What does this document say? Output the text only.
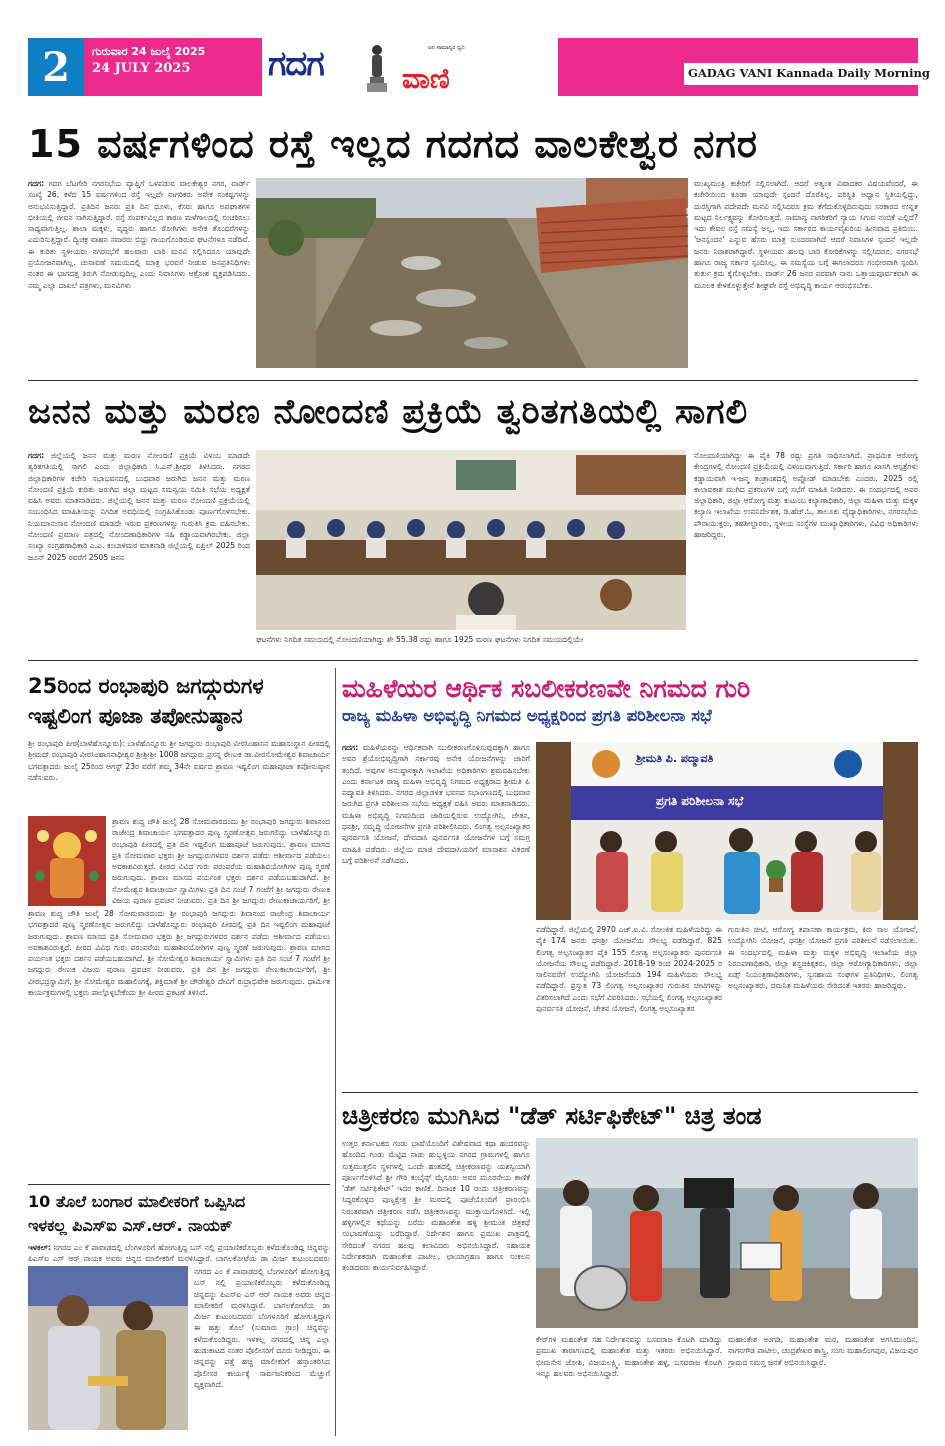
2	ಗುರುವಾರ 24 ಜುಲೈ 2025
24 JULY 2025	ಗದಗ	ಜನ ಸಾಮಾನ್ಯರ ಧ್ವನಿ
ವಾಣಿ	GADAG VANI Kannada Daily Morning
15 ವರ್ಷಗಳಿಂದ ರಸ್ತೆ ಇಲ್ಲದ ಗದಗದ ವಾಲಕೇಶ್ವರ ನಗರ
ಗದಗ: ಗದಗ ಬೆಟಗೇರಿ ನಗರಸಭೆಯ ವ್ಯಾಪ್ತಿಗೆ ಒಳಪಡುವ ವಾಲಕೇಶ್ವರ ನಗರ, ವಾರ್ಡ್ ಸಂಖ್ಯೆ 26, ಕಳೆದ 15 ವರ್ಷಗಳಿಂದ ರಸ್ತೆ ಇಲ್ಲದೇ ನಾಗರಿಕರು ಅನೇಕ ಸಂಕಷ್ಟಗಳನ್ನು ಅನುಭವಿಸುತ್ತಿದ್ದಾರೆ. ಪ್ರತಿದಿನ ಜನರು ಪ್ರತಿ ದಿನ ಧೂಳು, ಕೆಸರು ಹಾಗೂ ಅಪಘಾತಗಳ ಭೀತಿಯಲ್ಲಿ ಜೀವನ ಸಾಗಿಸುತ್ತಿದ್ದಾರೆ. ರಸ್ತೆ ಸಂಪರ್ಕವಿಲ್ಲದ ಕಾರಣ ಮಳೆಗಾಲದಲ್ಲಿ ಸಂಚರಿಸಲು ಸಾಧ್ಯವಾಗುತ್ತಿಲ್ಲ. ಶಾಲಾ ಮಕ್ಕಳು, ವೃದ್ಧರು ಹಾಗೂ ರೋಗಿಗಳು ಅನೇಕ ತೊಂದರೆಗಳನ್ನು ಎದುರಿಸುತ್ತಿದ್ದಾರೆ. ದ್ವಿಚಕ್ರ ವಾಹನ ಸವಾರರು ಬಿದ್ದು ಗಾಯಗೊಂಡಿರುವ ಘಟನೆಗಳೂ ನಡೆದಿವೆ. ಈ ಕುರಿತು ಸ್ಥಳೀಯರು ನಗರಸಭೆಗೆ ಹಲವಾರು ಬಾರಿ ಮನವಿ ಸಲ್ಲಿಸಿದರೂ ಯಾವುದೇ ಪ್ರಯೋಜನವಾಗಿಲ್ಲ. ಚುನಾವಣೆ ಸಮಯದಲ್ಲಿ ಮಾತ್ರ ಭರವಸೆ ನೀಡುವ ಜನಪ್ರತಿನಿಧಿಗಳು ನಂತರ ಈ ಭಾಗದತ್ತ ತಿರುಗಿ ನೋಡುವುದಿಲ್ಲ ಎಂದು ನಿವಾಸಿಗಳು ಆಕ್ರೋಶ ವ್ಯಕ್ತಪಡಿಸಿದರು. ನಮ್ಮ ಎಲ್ಲಾ ದಾಖಲೆ ಪತ್ರಗಳು, ಮನವಿಗಳು
ಮುಖ್ಯಮಂತ್ರಿ ಕಚೇರಿಗೆ ಸಲ್ಲಿಸಲಾಗಿದೆ. ಆದರೆ ಅತ್ಯಂತ ವಿಷಾದಕರ ವಿಷಯವೆಂದರೆ, ಈ ಕಚೇರಿಯಿಂದ ಕೂಡಾ ಯಾವುದೇ ಸ್ಪಂದನೆ ದೊರೆತಿಲ್ಲ. ಪರಿಸ್ಥಿತಿ ಅಧ್ವಾನ ಸ್ಥಿತಿಯಲ್ಲಿದ್ದು, ದುರಸ್ತಿಗಾಗಿ ಪದೇಪದೇ ಮನವಿ ಸಲ್ಲಿಸಿದರೂ ಕ್ರಮ ತೆಗೆದುಕೊಳ್ಳದಿರುವುದು ಸರಕಾರದ ಉನ್ನತ ಮಟ್ಟದ ನಿರ್ಲಕ್ಷ್ಯವನ್ನು ತೋರಿಸುತ್ತದೆ. ಸಾಮಾನ್ಯ ನಾಗರಿಕರಿಗೆ ನ್ಯಾಯ ಸಿಗುವ ನಂಬಿಕೆ ಎಲ್ಲಿದೆ? ಇದು ಕೇವಲ ರಸ್ತೆ ಸಮಸ್ಯೆ ಅಲ್ಲ, ಇದು ಸರ್ಕಾರದ ಕಾರ್ಯವೈಖರಿಯ ಹೀನವಾದ ಪ್ರತಿಬಿಂಬ. 'ಜನಸ್ಪಂದನ' ಎನ್ನುವ ಹೆಸರು ಮಾತ್ರ ಸುಂದರವಾಗಿದೆ ಆದರೆ ನಿವಾಸಿಗಳ ಸ್ಪಂದನೆ ಇಲ್ಲದೇ ಜನರು ನಿರಾಶರಾಗಿದ್ದಾರೆ. ಸ್ಥಳೀಯರು ಹಲವು ಬಾರಿ ಕೋರಿಕೆಗಳನ್ನು ಸಲ್ಲಿಸಿದರೂ, ನಗರಸಭೆ ಹಾಗೂ ರಾಜ್ಯ ಸರ್ಕಾರ ಸ್ಪಂದಿಸಿಲ್ಲ. ಈ ಸಮಸ್ಯೆಯ ಬಗ್ಗೆ ಈಗಲಾದರೂ ಗಂಭೀರವಾಗಿ ಸ್ಪಂದಿಸಿ ತುರ್ತು ಕ್ರಮ ಕೈಗೊಳ್ಳಬೇಕು. ವಾರ್ಡ್ 26 ಜನರ ಪರವಾಗಿ ನಾನು ಒತ್ತಾಯಪೂರ್ವಕವಾಗಿ ಈ ಮೂಲಕ ಕೇಳಿಕೊಳ್ಳುತ್ತೇನೆ ಶೀಘ್ರವೇ ರಸ್ತೆ ಅಭಿವೃದ್ಧಿ ಕಾರ್ಯ ಆರಂಭಿಸಬೇಕು.
ಜನನ ಮತ್ತು ಮರಣ ನೋಂದಣಿ ಪ್ರಕ್ರಿಯೆ ತ್ವರಿತಗತಿಯಲ್ಲಿ ಸಾಗಲಿ
ಗದಗ: ಜಿಲ್ಲೆಯಲ್ಲಿ ಜನನ ಮತ್ತು ಮರಣ ನೋಂದಣಿ ಪ್ರಕ್ರಿಯೆ ವಿಳಂಬ ಮಾಡದೇ ತ್ವರಿತಗತಿಯಲ್ಲಿ ಸಾಗಲಿ ಎಂದು ಜಿಲ್ಲಾಧಿಕಾರಿ ಸಿ.ಎನ್.ಶ್ರೀಧರ ತಿಳಿಸಿದರು. ನಗರದ ಜಿಲ್ಲಾಧಿಕಾರಿಗಳ ಕಚೇರಿ ಸಭಾಭವನದಲ್ಲಿ ಬುಧವಾರ ಜರುಗಿದ ಜನನ ಮತ್ತು ಮರಣ ನೋಂದಣಿ ಪ್ರಕ್ರಿಯೆ ಕುರಿತು ಜರುಗಿದ ಜಿಲ್ಲಾ ಮಟ್ಟದ ಸಮನ್ವಯ ಸಮಿತಿ ಸಭೆಯ ಅಧ್ಯಕ್ಷತೆ ವಹಿಸಿ ಅವರು ಮಾತನಾಡಿದರು. ಜಿಲ್ಲೆಯಲ್ಲಿ ಜನನ ಮತ್ತು ಮರಣ ನೋಂದಣಿ ಪ್ರಕ್ರಿಯೆಯಲ್ಲಿ ಸಂಬಂಧಿಸಿದ ಮಾಹಿತಿಯನ್ನು ನಿಗದಿತ ಅವಧಿಯಲ್ಲಿ ಸಂಗ್ರಹಿಸಿಕೊಂಡು ಪೂರ್ಣಗೊಳಿಸಬೇಕು. ನಿಯಮಾನುಸಾರ ನೋಂದಣಿ ಮಾಡದೇ ಇರುವ ಪ್ರಕರಣಗಳನ್ನು ಗುರುತಿಸಿ ಕ್ರಮ ವಹಿಸಬೇಕು. ನೋಂದಣಿ ಪ್ರಮಾಣ ಪತ್ರದಲ್ಲಿ ನೋಂದಣಾಧಿಕಾರಿಗಳ ಸಹಿ ಕಡ್ಡಾಯವಾಗಿರಬೇಕು. ಜಿಲ್ಲಾ ಸಂಖ್ಯಾ ಸಂಗ್ರಹಣಾಧಿಕಾರಿ ಎ.ಎ. ಕಂಬಾಳಿಮಠ ಮಾತನಾಡಿ ಜಿಲ್ಲೆಯಲ್ಲಿ ಏಪ್ರಿಲ್ 2025 ರಿಂದ ಜೂನ್ 2025 ರವರೆಗೆ 2505 ಜನನ
ಘಟನೆಗಳು ನಿಗದಿತ ಸಮಯದಲ್ಲಿ ನೋಂದಣಿಯಾಗಿದ್ದು ಶೇ 55.38 ರಷ್ಟು ಹಾಗೂ 1925 ಮರಣ ಘಟನೆಗಳು ನಿಗದಿತ ಸಮಯದಲ್ಲಿಯೇ
ನೋಂದಣಿಯಾಗಿದ್ದು ಈ ಪೈಕಿ 78 ರಷ್ಟು ಪ್ರಗತಿ ಸಾಧಿಸಲಾಗಿದೆ. ಪ್ರಾಥಮಿಕ ಆರೋಗ್ಯ ಕೇಂದ್ರಗಳಲ್ಲಿ ನೋಂದಣಿ ಪ್ರಕ್ರಿಯೆಯಲ್ಲಿ ವಿಳಂಬವಾಗುತ್ತಿದೆ. ಸರ್ಕಾರಿ ಹಾಗೂ ಖಾಸಗಿ ಆಸ್ಪತ್ರೆಗಳು ಕಡ್ಡಾಯವಾಗಿ ಇ-ಜನ್ಮ ತಂತ್ರಾಂಶದಲ್ಲಿ ಅಪ್ಲೋಡ್ ಮಾಡಬೇಕು ಎಂದರು. 2025 ರಲ್ಲಿ ಕಾಲಾವಕಾಶ ಮುಗಿದ ಪ್ರಕರಣಗಳ ಬಗ್ಗೆ ಸಭೆಗೆ ಮಾಹಿತಿ ನೀಡಿದರು. ಈ ಸಂದರ್ಭದಲ್ಲಿ ಅಪರ ಜಿಲ್ಲಾಧಿಕಾರಿ, ಜಿಲ್ಲಾ ಆರೋಗ್ಯ ಮತ್ತು ಕುಟುಂಬ ಕಲ್ಯಾಣಾಧಿಕಾರಿ, ಜಿಲ್ಲಾ ಮಹಿಳಾ ಮತ್ತು ಮಕ್ಕಳ ಕಲ್ಯಾಣ ಇಲಾಖೆಯ ಉಪನಿರ್ದೇಶಕ, ಡಿ.ಹೆಚ್.ಓ, ತಾಲೂಕು ವೈದ್ಯಾಧಿಕಾರಿಗಳು, ನಗರಸಭೆಯ ಪೌರಾಯುಕ್ತರು, ತಹಶೀಲ್ದಾರರು, ಸ್ಥಳೀಯ ಸಂಸ್ಥೆಗಳ ಮುಖ್ಯಾಧಿಕಾರಿಗಳು, ವಿವಿಧ ಅಧಿಕಾರಿಗಳು ಹಾಜರಿದ್ದರು.
25ರಿಂದ ರಂಭಾಪುರಿ ಜಗದ್ಗುರುಗಳ
ಇಷ್ಟಲಿಂಗ ಪೂಜಾ ತಪೋನುಷ್ಠಾನ
ಶ್ರೀ ರಂಭಾಪುರಿ ಪೀಠ(ಬಾಳೆಹೊನ್ನೂರು): ಬಾಳೆಹೊನ್ನೂರು ಶ್ರೀ ಜಗದ್ಗುರು ರಂಭಾಪುರಿ ವೀರಸಿಂಹಾಸನ ಮಹಾಸಂಸ್ಥಾನ ಪೀಠದಲ್ಲಿ ಶ್ರೀಮದ್ ರಂಭಾಪುರಿ ವೀರಸಿಂಹಾಸನಾಧೀಶ್ವರ ಶ್ರೀಶ್ರೀಶ್ರೀ 1008 ಜಗದ್ಗುರು ಪ್ರಸನ್ನ ರೇಣುಕ ಡಾ.ವೀರಸೋಮೇಶ್ವರ ಶಿವಾಚಾರ್ಯ ಭಗವತ್ಪಾದರು ಜುಲೈ 25ರಿಂದ ಆಗಸ್ಟ್ 23ರ ವರೆಗೆ ತಮ್ಮ 34ನೇ ವರ್ಷದ ಶ್ರಾವಣ ಇಷ್ಟಲಿಂಗ ಮಹಾಪೂಜಾ ತಪೋನುಷ್ಠಾನ ನಡೆಸುವರು.
ಶ್ರಾವಣ ಶುದ್ಧ ಚೌತಿ ಜುಲೈ 28 ಸೋಮವಾರದಂದು ಶ್ರೀ ರಂಭಾಪುರಿ ಜಗದ್ಗುರು ಶಿವಾನಂದ ರಾಜೇಂದ್ರ ಶಿವಾಚಾರ್ಯ ಭಗವತ್ಪಾದರ ಪುಣ್ಯ ಸ್ಮರಣೋತ್ಸವ ಜರುಗಲಿದ್ದು ಬಾಳೆಹೊನ್ನೂರು ರಂಭಾಪುರಿ ಪೀಠದಲ್ಲಿ ಪ್ರತಿ ದಿನ ಇಷ್ಟಲಿಂಗ ಮಹಾಪೂಜೆ ಜರುಗುವುದು. ಶ್ರಾವಣ ಮಾಸದ ಪ್ರತಿ ಸೋಮವಾರ ಭಕ್ತರು ಶ್ರೀ ಜಗದ್ಗುರುಗಳವರ ದರ್ಶನ ಪಡೆದು ಆಶೀರ್ವಾದ ಪಡೆಯಲು ಅವಕಾಶವಿರುತ್ತದೆ. ಪೀಠದ ವಿವಿಧ ಗುರು ಪರಂಪರೆಯ ಮಹಾಶಿವಯೋಗಿಗಳ ಪುಣ್ಯ ಸ್ಮರಣೆ ಜರುಗುವುದು. ಶ್ರಾವಣ ಮಾಸದ ಪರ್ಯಂತ ಭಕ್ತರು ದರ್ಶನ ಪಡೆಯಬಹುದಾಗಿದೆ. ಶ್ರೀ ಸೋಮೇಶ್ವರ ಶಿವಾಚಾರ್ಯ ಸ್ವಾಮಿಗಳು ಪ್ರತಿ ದಿನ ಸಂಜೆ 7 ಗಂಟೆಗೆ ಶ್ರೀ ಜಗದ್ಗುರು ರೇಣುಕ ವಿಜಯ ಪುರಾಣ ಪ್ರವಚನ ನೀಡುವರು. ಪ್ರತಿ ದಿನ ಶ್ರೀ ಜಗದ್ಗುರು ರೇಣುಕಾಚಾರ್ಯರಿಗೆ, ಶ್ರೀ
ಶ್ರಾವಣ ಶುದ್ಧ ಚೌತಿ ಜುಲೈ 28 ಸೋಮವಾರದಂದು ಶ್ರೀ ರಂಭಾಪುರಿ ಜಗದ್ಗುರು ಶಿವಾನಂದ ರಾಜೇಂದ್ರ ಶಿವಾಚಾರ್ಯ ಭಗವತ್ಪಾದರ ಪುಣ್ಯ ಸ್ಮರಣೋತ್ಸವ ಜರುಗಲಿದ್ದು ಬಾಳೆಹೊನ್ನೂರು ರಂಭಾಪುರಿ ಪೀಠದಲ್ಲಿ ಪ್ರತಿ ದಿನ ಇಷ್ಟಲಿಂಗ ಮಹಾಪೂಜೆ ಜರುಗುವುದು. ಶ್ರಾವಣ ಮಾಸದ ಪ್ರತಿ ಸೋಮವಾರ ಭಕ್ತರು ಶ್ರೀ ಜಗದ್ಗುರುಗಳವರ ದರ್ಶನ ಪಡೆದು ಆಶೀರ್ವಾದ ಪಡೆಯಲು ಅವಕಾಶವಿರುತ್ತದೆ. ಪೀಠದ ವಿವಿಧ ಗುರು ಪರಂಪರೆಯ ಮಹಾಶಿವಯೋಗಿಗಳ ಪುಣ್ಯ ಸ್ಮರಣೆ ಜರುಗುವುದು. ಶ್ರಾವಣ ಮಾಸದ ಪರ್ಯಂತ ಭಕ್ತರು ದರ್ಶನ ಪಡೆಯಬಹುದಾಗಿದೆ. ಶ್ರೀ ಸೋಮೇಶ್ವರ ಶಿವಾಚಾರ್ಯ ಸ್ವಾಮಿಗಳು ಪ್ರತಿ ದಿನ ಸಂಜೆ 7 ಗಂಟೆಗೆ ಶ್ರೀ ಜಗದ್ಗುರು ರೇಣುಕ ವಿಜಯ ಪುರಾಣ ಪ್ರವಚನ ನೀಡುವರು. ಪ್ರತಿ ದಿನ ಶ್ರೀ ಜಗದ್ಗುರು ರೇಣುಕಾಚಾರ್ಯರಿಗೆ, ಶ್ರೀ ವೀರಭದ್ರಸ್ವಾಮಿಗೆ, ಶ್ರೀ ಸೋಮೇಶ್ವರ ಮಹಾಲಿಂಗಕ್ಕೆ, ಶಕ್ತಿಮಾತೆ ಶ್ರೀ ಚೌಡೇಶ್ವರಿ ದೇವಿಗೆ ರುದ್ರಾಭಿಷೇಕ ಜರುಗುವುದು. ಧಾರ್ಮಿಕ ಕಾರ್ಯಕ್ರಮಗಳಲ್ಲಿ ಭಕ್ತರು ಪಾಲ್ಗೊಳ್ಳಬೇಕೆಂದು ಶ್ರೀ ಪೀಠದ ಪ್ರಕಟಣೆ ತಿಳಿಸಿದೆ.
10 ತೊಲೆ ಬಂಗಾರ ಮಾಲೀಕರಿಗೆ ಒಪ್ಪಿಸಿದ
ಇಳಕಲ್ಲ ಪಿಎಸ್ಐ ಎಸ್.ಆರ್. ನಾಯಕ್
ಇಳಕಲ್: ನಗರದ ಎಂ ಕೆ ಪಾವಾಡದಲ್ಲಿ ಬೆಂಗಳೂರಿಗೆ ಹೋಗುತ್ತಿದ್ದ ಬಸ್ ನಲ್ಲಿ ಪ್ರಯಾಣಿಕರೊಬ್ಬರು ಕಳೆದುಕೊಂಡಿದ್ದ ಚಿನ್ನವನ್ನು ಪಿಎಸ್ಐ ಎಸ್ ಆರ್ ನಾಯಕ ಅವರು ಚಿನ್ನದ ಮಾಲೀಕರಿಗೆ ಮರಳಿಸಿದ್ದಾರೆ. ಬಾಗಲಕೋಟೆಯ ಡಾ ಮಿರ್ಜ ಕುಟುಂಬದವರು
ನಗರದ ಎಂ ಕೆ ಪಾವಾಡದಲ್ಲಿ ಬೆಂಗಳೂರಿಗೆ ಹೋಗುತ್ತಿದ್ದ ಬಸ್ ನಲ್ಲಿ ಪ್ರಯಾಣಿಕರೊಬ್ಬರು ಕಳೆದುಕೊಂಡಿದ್ದ ಚಿನ್ನವನ್ನು ಪಿಎಸ್ಐ ಎಸ್ ಆರ್ ನಾಯಕ ಅವರು ಚಿನ್ನದ ಮಾಲೀಕರಿಗೆ ಮರಳಿಸಿದ್ದಾರೆ. ಬಾಗಲಕೋಟೆಯ ಡಾ ಮಿರ್ಜ ಕುಟುಂಬದವರು ಬೆಂಗಳೂರಿಗೆ ಹೋಗುತ್ತಿದ್ದಾಗ ಈ ಹತ್ತು ತೊಲೆ (ಸುಮಾರು ಗ್ರಾಂ) ಚಿನ್ನವನ್ನು ಕಳೆದುಕೊಂಡಿದ್ದರು. ಇಳಕಲ್ಲ ನಗರದಲ್ಲಿ ಚಿನ್ನ ಎಲ್ಲಾ ಹುಡುಕಾಟದ ನಂತರ ಪೊಲೀಸರಿಗೆ ದೂರು ನೀಡಿದ್ದರು. ಈ ಚಿನ್ನವನ್ನು ಪತ್ತೆ ಹಚ್ಚಿ ಮಾಲೀಕರಿಗೆ ಹಸ್ತಾಂತರಿಸಿದ ಪೊಲೀಸರ ಕಾರ್ಯಕ್ಕೆ ಸಾರ್ವಜನಿಕರಿಂದ ಮೆಚ್ಚುಗೆ ವ್ಯಕ್ತವಾಗಿದೆ.
ಮಹಿಳೆಯರ ಆರ್ಥಿಕ ಸಬಲೀಕರಣವೇ ನಿಗಮದ ಗುರಿ
ರಾಜ್ಯ ಮಹಿಳಾ ಅಭಿವೃದ್ಧಿ ನಿಗಮದ ಅಧ್ಯಕ್ಷರಿಂದ ಪ್ರಗತಿ ಪರಿಶೀಲನಾ ಸಭೆ
ಗದಗ: ಮಹಿಳೆಯರನ್ನು ಆರ್ಥಿಕವಾಗಿ ಸಬಲೀಕರಣಗೊಳಿಸುವುದಕ್ಕಾಗಿ ಹಾಗೂ ಅವರ ಶ್ರೆಯೋಭಿವೃದ್ಧಿಗಾಗಿ ಸರ್ಕಾರವು ಅನೇಕ ಯೋಜನೆಗಳನ್ನು ಜಾರಿಗೆ ತಂದಿದೆ. ಅವುಗಳ ಅನುಷ್ಠಾನಕ್ಕಾಗಿ ಇಲಾಖೆಯ ಅಧಿಕಾರಿಗಳು ಶ್ರಮವಹಿಸಬೇಕು ಎಂದು ಕರ್ನಾಟಕ ರಾಜ್ಯ ಮಹಿಳಾ ಅಭಿವೃದ್ಧಿ ನಿಗಮದ ಅಧ್ಯಕ್ಷರಾದ ಶ್ರೀಮತಿ ಪಿ ಪದ್ಮಾವತಿ ತಿಳಿಸಿದರು. ನಗರದ ಜಿಲ್ಲಾಡಳಿತ ಭವನದ ಸಭಾಂಗಣದಲ್ಲಿ ಬುಧವಾರ ಜರುಗಿದ ಪ್ರಗತಿ ಪರಿಶೀಲನಾ ಸಭೆಯ ಅಧ್ಯಕ್ಷತೆ ವಹಿಸಿ ಅವರು ಮಾತನಾಡಿದರು. ಮಹಿಳಾ ಅಭಿವೃದ್ಧಿ ನಿಗಮದಿಂದ ಜಾರಿಯಲ್ಲಿರುವ ಉದ್ಯೋಗಿನಿ, ಚೇತನ, ಧನಶ್ರೀ, ಸಮೃದ್ಧಿ ಯೋಜನೆಗಳ ಪ್ರಗತಿ ಪರಿಶೀಲಿಸಿದರು. ಲಿಂಗತ್ವ ಅಲ್ಪಸಂಖ್ಯಾತರ ಪುನರ್ವಸತಿ ಯೋಜನೆ, ದೇವದಾಸಿ ಪುನರ್ವಸತಿ ಯೋಜನೆಗಳ ಬಗ್ಗೆ ಸಮಗ್ರ ಮಾಹಿತಿ ಪಡೆದರು. ಜಿಲ್ಲೆಯ ಮಾಜಿ ದೇವದಾಸಿಯರಿಗೆ ಮಾಸಾಶನ ವಿತರಣೆ ಬಗ್ಗೆ ಪರಿಶೀಲನೆ ನಡೆಸಿದರು.
ಶ್ರೀಮತಿ ಪಿ. ಪದ್ಮಾವತಿ
ಪ್ರಗತಿ ಪರಿಶೀಲನಾ ಸಭೆ
ಪಡೆದಿದ್ದಾರೆ. ಜಿಲ್ಲೆಯಲ್ಲಿ 2970 ಎಚ್.ಐ.ವಿ. ಸೋಂಕಿತ ಮಹಿಳೆಯರಿದ್ದು ಈ ಪೈಕಿ 174 ಜನರು ಧನಶ್ರೀ ಯೋಜನೆಯ ಸೌಲಭ್ಯ ಪಡೆದಿದ್ದಾರೆ. 825 ಲಿಂಗತ್ವ ಅಲ್ಪಸಂಖ್ಯಾತರ ಪೈಕಿ 155 ಲಿಂಗತ್ವ ಅಲ್ಪಸಂಖ್ಯಾತರು ಪುನರ್ವಸತಿ ಯೋಜನೆಯ ಸೌಲಭ್ಯ ಪಡೆದಿದ್ದಾರೆ. 2018-19 ರಿಂದ 2024-2025 ರ ಸಾಲಿನವರೆಗೆ ಉದ್ಯೋಗಿನಿ ಯೋಜನೆಯಡಿ 194 ಮಹಿಳೆಯರು ಸೌಲಭ್ಯ ಪಡೆದಿದ್ದಾರೆ. ಪ್ರಸ್ತುತ 73 ಲಿಂಗತ್ವ ಅಲ್ಪಸಂಖ್ಯಾತರ ಗುರುತಿನ ಚೀಟಿಗಳನ್ನು ವಿತರಿಸಲಾಗಿದೆ ಎಂದು ಸಭೆಗೆ ವಿವರಿಸಿದರು. ಸಭೆಯಲ್ಲಿ ಲಿಂಗತ್ವ ಅಲ್ಪಸಂಖ್ಯಾತರ ಪುನರ್ವಸತಿ ಯೋಜನೆ, ಚೇತನ ಯೋಜನೆ, ಲಿಂಗತ್ವ ಅಲ್ಪಸಂಖ್ಯಾತರ
ಗುರುತಿನ ಚೀಟಿ, ಆರೋಗ್ಯ ತಪಾಸಣಾ ಕಾರ್ಯಕ್ರಮ, ಕಿರು ಸಾಲ ಯೋಜನೆ, ಉದ್ಯೋಗಿನಿ ಯೋಜನೆ, ಧನಶ್ರೀ ಯೋಜನೆ ಪ್ರಗತಿ ಪರಿಶೀಲನೆ ನಡೆಸಲಾಯಿತು. ಈ ಸಂದರ್ಭದಲ್ಲಿ ಮಹಿಳಾ ಮತ್ತು ಮಕ್ಕಳ ಅಭಿವೃದ್ಧಿ ಇಲಾಖೆಯ ಜಿಲ್ಲಾ ನಿರೂಪಣಾಧಿಕಾರಿ, ಜಿಲ್ಲಾ ಶಸ್ತ್ರಚಿಕಿತ್ಸಕರು, ಜಿಲ್ಲಾ ಆರೋಗ್ಯಾಧಿಕಾರಿಗಳು, ಜಿಲ್ಲಾ ಏಡ್ಸ್ ನಿಯಂತ್ರಣಾಧಿಕಾರಿಗಳು, ಸ್ವಸಹಾಯ ಸಂಘಗಳ ಪ್ರತಿನಿಧಿಗಳು, ಲಿಂಗತ್ವ ಅಲ್ಪಸಂಖ್ಯಾತರು, ದಮನಿತ ಮಹಿಳೆಯರು ಸೇರಿದಂತೆ ಇತರರು ಹಾಜರಿದ್ದರು.
ಚಿತ್ರೀಕರಣ ಮುಗಿಸಿದ "ಡೆತ್ ಸರ್ಟಿಫಿಕೇಟ್" ಚಿತ್ರ ತಂಡ
ಉತ್ತರ ಕರ್ನಾಟಕದ ಗಂಡು ಭಾಷೆಯೊಂದಿಗೆ ವಿಶೇಷವಾದ ಕಥಾ ಹಂದರವನ್ನು ಹೊಂದಿದ ಗಂಡು ಮೆಟ್ಟಿದ ನಾಡು ಹುಬ್ಬಳ್ಳಿಯ ನಗರದ ಗ್ರಾಮಗಳಲ್ಲಿ ಹಾಗೂ ಸುತ್ತಮುತ್ತಲಿನ ಸ್ಥಳಗಳಲ್ಲಿ ಒಂದೇ ಹಂತದಲ್ಲಿ ಚಿತ್ರೀಕರಣವನ್ನು ಯಶಸ್ವಿಯಾಗಿ ಪೂರ್ಣಗೊಳಿಸಿದೆ ಶ್ರೀ ಗೌರಿ ಕಂಬೈನ್ಸ್ ಮೈಸೂರು ಅವರ ಮೂರನೇಯ ಕಾಣಿಕೆ 'ಡೆತ್ ಸರ್ಟಿಫಿಕೇಟ್' ಇದರ ಕಾಣಿಕೆ. ದಿನಾಂಕ 10 ರಂದು ಚಿತ್ರೀಕರಣವನ್ನು ಸಿದ್ದರಕೊಳ್ಳದ ಪುಣ್ಯಕ್ಷೇತ್ರ ಶ್ರೀ ಮಠದಲ್ಲಿ ಪೂಜೆಯೊಂದಿಗೆ ಪ್ರಾರಂಭಿಸಿ ನಿರಂತರವಾಗಿ ಚಿತ್ರೀಕರಣ ನಡೆಸಿ ಚಿತ್ರೀಕರಣವನ್ನು ಮುಕ್ತಾಯಗೊಳಿಸಿದೆ. ಇಲ್ಲಿ ಹಳ್ಳಿಗಳಲ್ಲಿನ ಕಥೆಯನ್ನು ಬರೆದು ಮಹಾಂತೇಶ ಹಳ್ಳಿ ಶ್ರೀಮಂತ ಚಿತ್ರಕಥೆ ಸಂಭಾಷಣೆಯನ್ನು ಬರೆದಿದ್ದಾರೆ. ನಿರ್ದೇಶನ ಹಾಗೂ ಪ್ರಮುಖ ಪಾತ್ರದಲ್ಲಿ ಸೇರಿದಂತೆ ನಗರದ ಹಲವು ಕಲಾವಿದರು ಅಭಿನಯಿಸಿದ್ದಾರೆ. ಸಹಾಯಕ ನಿರ್ದೇಶಕರಾಗಿ ಮಹಾಂತೇಶ ಪಾಟೀಲ, ಛಾಯಾಗ್ರಹಣ ಹಾಗೂ ಸಂಕಲನ ತಂಡದವರು ಕಾರ್ಯನಿರ್ವಹಿಸಿದ್ದಾರೆ.
ಕೇರ್‌ಗಳಿ ಮಹಂತೇಶ ಸಹ ನಿರ್ದೇಶನವನ್ನು ಬಸವರಾಜ ಕೊಟಗಿ ಮಾಡಿದ್ದು ಪ್ರಮುಖ ತಾರಾಗಣದಲ್ಲಿ ಮಹಾಂತೇಶ ಮತ್ತು ಇತರರು ಅಭಿನಯಿಸಿದ್ದಾರೆ. ಭೀಮಸೇನ ಜೋಶಿ, ವಿಜಯಲಕ್ಷ್ಮಿ, ಮಹಾಂತೇಶ ಹಳ್ಳಿ, ಬಸವರಾಜ ಕೊಟಗಿ ಇನ್ನೂ ಹಲವರು ಅಭಿನಯಿಸಿದ್ದಾರೆ.
ಮಹಾಂತೇಶ ಅಂಗಡಿ, ಮಹಾಂತೇಶ ಮಠ, ಮಹಾಂತೇಶ ಅಗಸಿಮುಂದಿನ, ನಾಗನಗೌಡ ಪಾಟೀಲ, ಚಂದ್ರಶೇಖರ ಶಾಸ್ತ್ರಿ, ಸಂಗು ಮಹಾಲಿಂಗಪುರ, ವಿಜಯಪುರ ಗ್ರಾಮದ ಸಮಸ್ತ ಜನತೆ ಅಭಿನಯಿಸಿದ್ದಾರೆ.
